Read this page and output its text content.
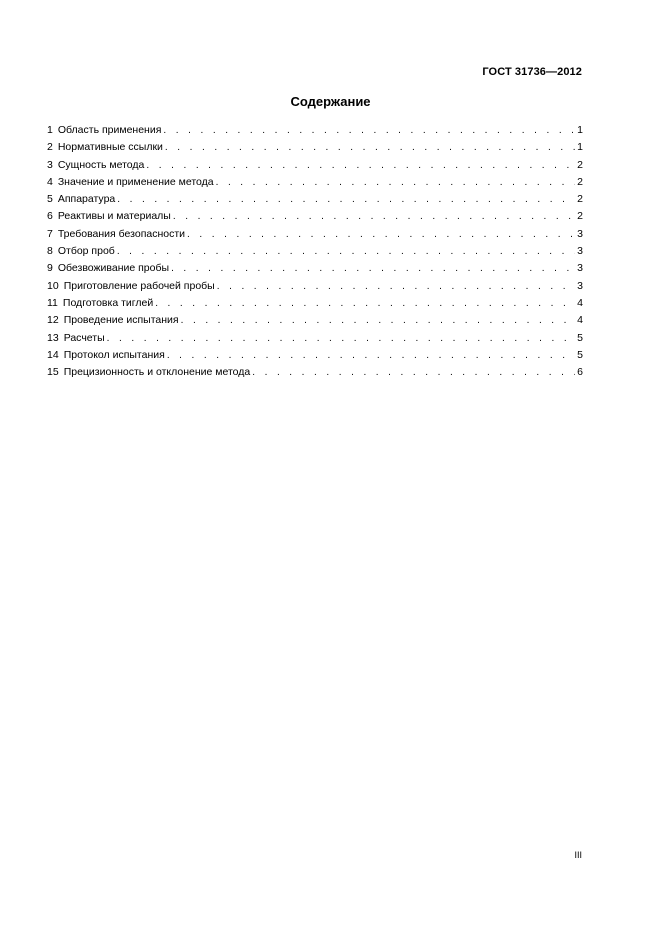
ГОСТ 31736—2012
Содержание
1 Область применения . . .	1
2 Нормативные ссылки . . .	1
3 Сущность метода . . .	2
4 Значение и применение метода . . .	2
5 Аппаратура . . .	2
6 Реактивы и материалы . . .	2
7 Требования безопасности . . .	3
8 Отбор проб . . .	3
9 Обезвоживание пробы . . .	3
10 Приготовление рабочей пробы . . .	3
11 Подготовка тиглей . . .	4
12 Проведение испытания . . .	4
13 Расчеты . . .	5
14 Протокол испытания . . .	5
15 Прецизионность и отклонение метода . . .	6
III
